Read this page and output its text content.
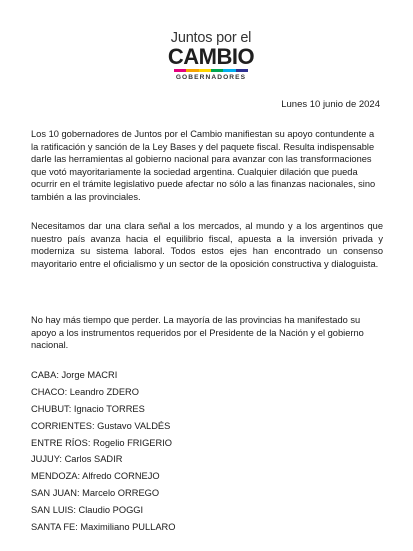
Juntos por el
CAMBIO
GOBERNADORES
Lunes 10 junio de 2024

Los 10 gobernadores de Juntos por el Cambio manifiestan su apoyo contundente a la ratificación y sanción de la Ley Bases y del paquete fiscal. Resulta indispensable darle las herramientas al gobierno nacional para avanzar con las transformaciones que votó mayoritariamente la sociedad argentina. Cualquier dilación que pueda ocurrir en el trámite legislativo puede afectar no sólo a las finanzas nacionales, sino también a las provinciales.

Necesitamos dar una clara señal a los mercados, al mundo y a los argentinos que nuestro país avanza hacia el equilibrio fiscal, apuesta a la inversión privada y moderniza su sistema laboral. Todos estos ejes han encontrado un consenso mayoritario entre el oficialismo y un sector de la oposición constructiva y dialoguista.

No hay más tiempo que perder. La mayoría de las provincias ha manifestado su apoyo a los instrumentos requeridos por el Presidente de la Nación y el gobierno nacional.

CABA: Jorge MACRI
CHACO: Leandro ZDERO
CHUBUT: Ignacio TORRES
CORRIENTES: Gustavo VALDÉS
ENTRE RÍOS: Rogelio FRIGERIO
JUJUY: Carlos SADIR
MENDOZA: Alfredo CORNEJO
SAN JUAN: Marcelo ORREGO
SAN LUIS: Claudio POGGI
SANTA FE: Maximiliano PULLARO
